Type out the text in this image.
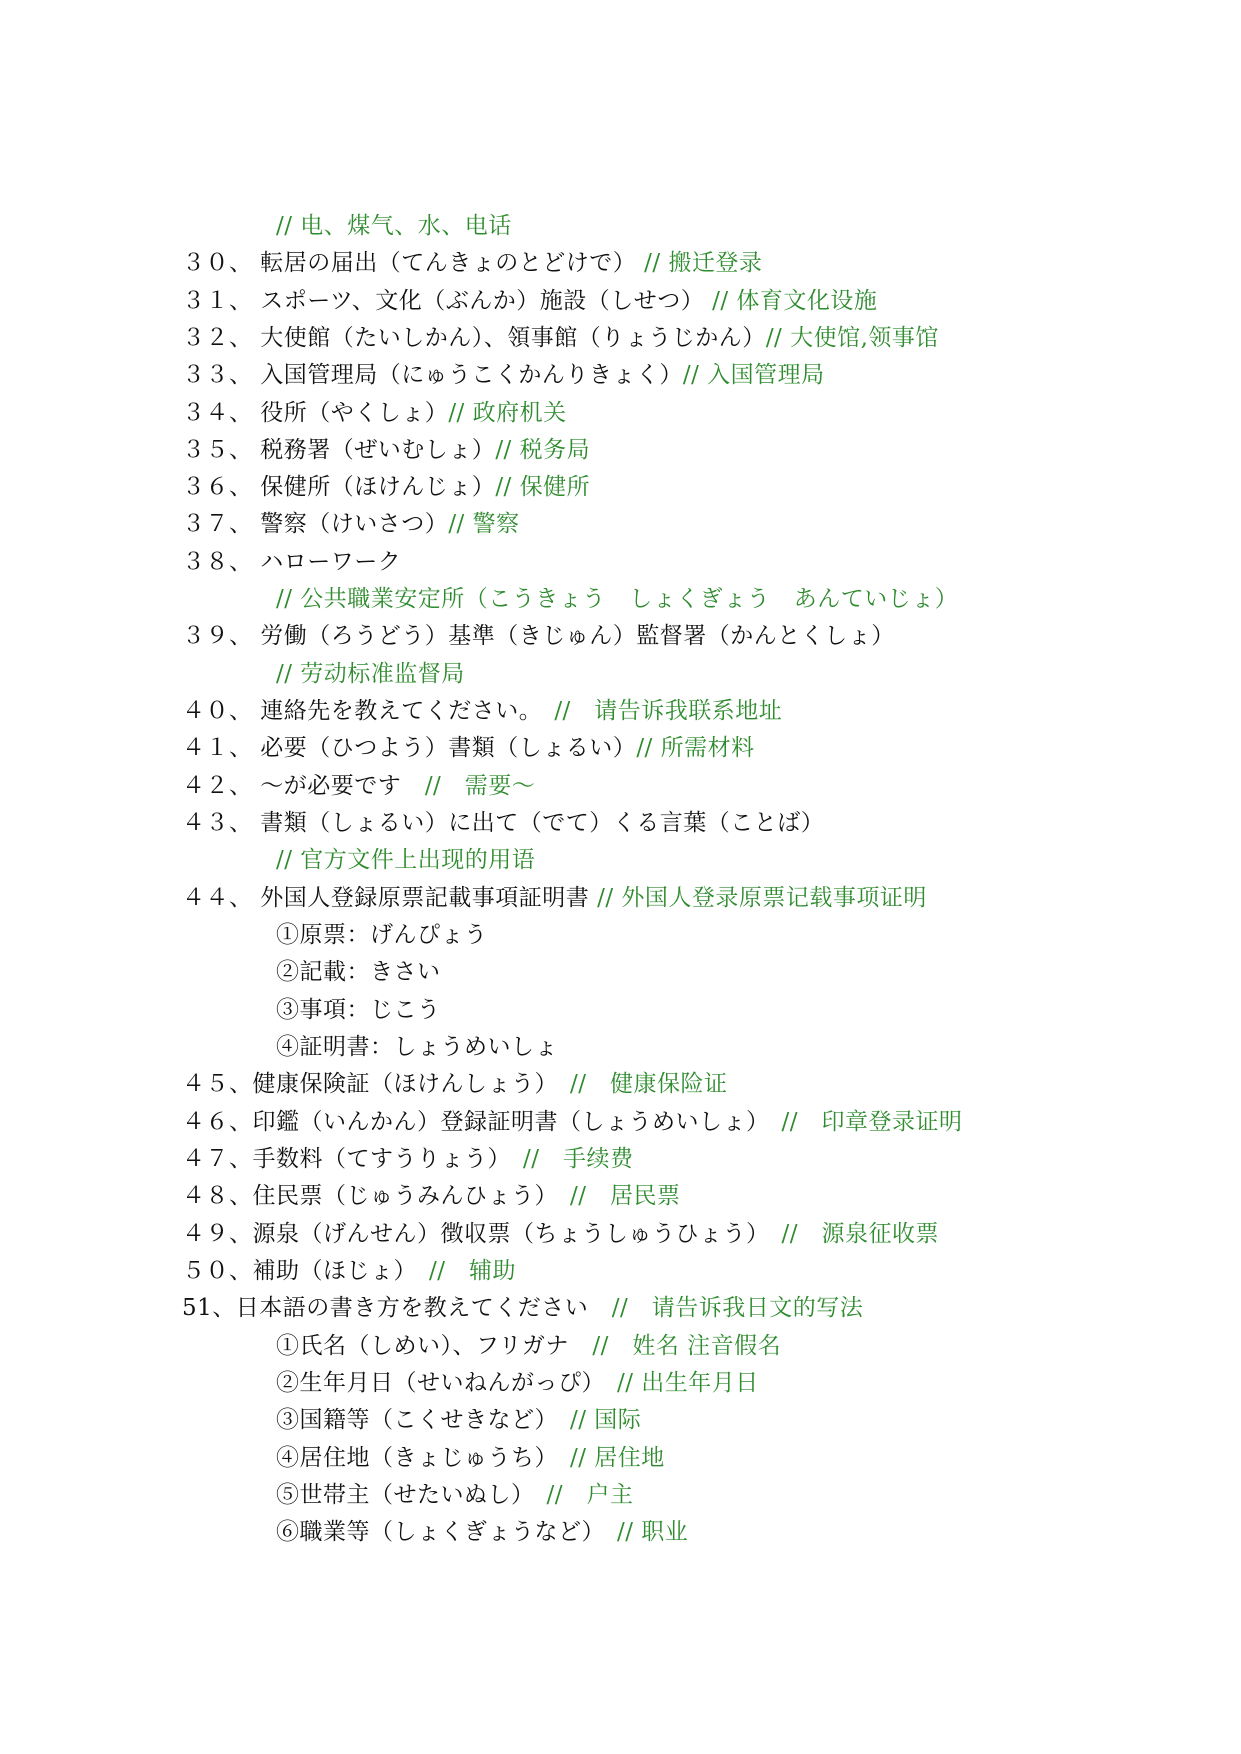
// 电、煤气、水、电话
３０、 転居の届出（てんきょのとどけで） // 搬迁登录
３１、 スポーツ、文化（ぶんか）施設（しせつ） // 体育文化设施
３２、 大使館（たいしかん）、領事館（りょうじかん）// 大使馆,领事馆
３３、 入国管理局（にゅうこくかんりきょく）// 入国管理局
３４、 役所（やくしょ）// 政府机关
３５、 税務署（ぜいむしょ）// 税务局
３６、 保健所（ほけんじょ）// 保健所
３７、 警察（けいさつ）// 警察
３８、 ハローワーク
// 公共職業安定所（こうきょう　しょくぎょう　あんていじょ）
３９、 労働（ろうどう）基準（きじゅん）監督署（かんとくしょ）
// 劳动标准监督局
４０、 連絡先を教えてください。　//　请告诉我联系地址
４１、 必要（ひつよう）書類（しょるい）// 所需材料
４２、 ～が必要です　//　需要～
４３、 書類（しょるい）に出て（でて）くる言葉（ことば）
// 官方文件上出现的用语
４４、 外国人登録原票記載事項証明書 // 外国人登录原票记载事项证明
①原票：げんぴょう
②記載：きさい
③事項：じこう
④証明書：しょうめいしょ
４５、健康保険証（ほけんしょう）　//　健康保险证
４６、印鑑（いんかん）登録証明書（しょうめいしょ）　//　印章登录证明
４７、手数料（てすうりょう）　//　手续费
４８、住民票（じゅうみんひょう）　//　居民票
４９、源泉（げんせん）徴収票（ちょうしゅうひょう）　//　源泉征收票
５０、補助（ほじょ）　//　辅助
51、日本語の書き方を教えてください　//　请告诉我日文的写法
①氏名（しめい）、フリガナ　//　姓名 注音假名
②生年月日（せいねんがっぴ）　// 出生年月日
③国籍等（こくせきなど）　// 国际
④居住地（きょじゅうち）　// 居住地
⑤世帯主（せたいぬし）　//　户主
⑥職業等（しょくぎょうなど）　// 职业
